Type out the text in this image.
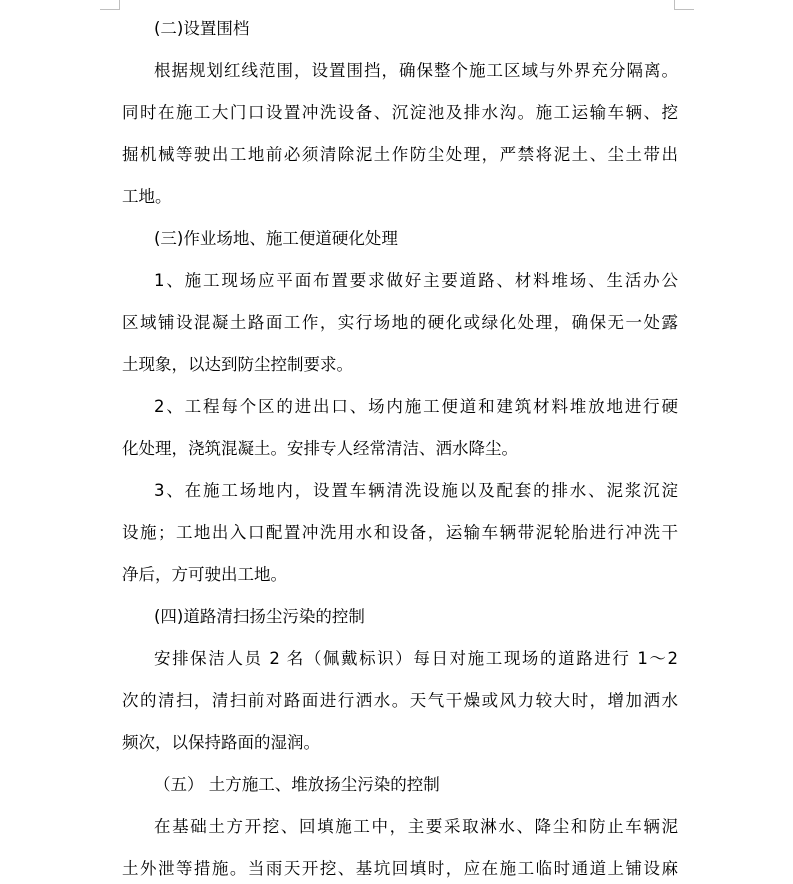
(二)设置围档
根据规划红线范围，设置围挡，确保整个施工区域与外界充分隔离。
同时在施工大门口设置冲洗设备、沉淀池及排水沟。施工运输车辆、挖
掘机械等驶出工地前必须清除泥土作防尘处理，严禁将泥土、尘土带出
工地。
(三)作业场地、施工便道硬化处理
1、施工现场应平面布置要求做好主要道路、材料堆场、生活办公
区域铺设混凝土路面工作，实行场地的硬化或绿化处理，确保无一处露
土现象，以达到防尘控制要求。
2、工程每个区的进出口、场内施工便道和建筑材料堆放地进行硬
化处理，浇筑混凝土。安排专人经常清洁、洒水降尘。
3、在施工场地内，设置车辆清洗设施以及配套的排水、泥浆沉淀
设施；工地出入口配置冲洗用水和设备，运输车辆带泥轮胎进行冲洗干
净后，方可驶出工地。
(四)道路清扫扬尘污染的控制
安排保洁人员 2 名（佩戴标识）每日对施工现场的道路进行 1～2
次的清扫，清扫前对路面进行洒水。天气干燥或风力较大时，增加洒水
频次，以保持路面的湿润。
（五） 土方施工、堆放扬尘污染的控制
在基础土方开挖、回填施工中，主要采取淋水、降尘和防止车辆泥
土外泄等措施。当雨天开挖、基坑回填时，应在施工临时通道上铺设麻
